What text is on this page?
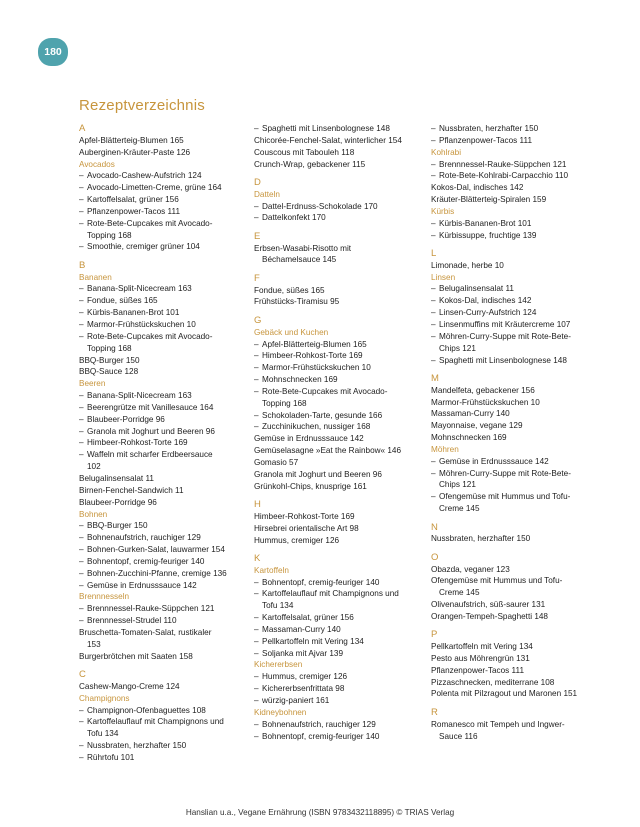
180
Rezeptverzeichnis
A
Apfel-Blätterteig-Blumen 165
Auberginen-Kräuter-Paste 126
Avocados
– Avocado-Cashew-Aufstrich 124
– Avocado-Limetten-Creme, grüne 164
– Kartoffelsalat, grüner 156
– Pflanzenpower-Tacos 111
– Rote-Bete-Cupcakes mit Avocado-
Topping 168
– Smoothie, cremiger grüner 104
B
Bananen
– Banana-Split-Nicecream 163
– Fondue, süßes 165
– Kürbis-Bananen-Brot 101
– Marmor-Frühstückskuchen 10
– Rote-Bete-Cupcakes mit Avocado-
Topping 168
BBQ-Burger 150
BBQ-Sauce 128
Beeren
– Banana-Split-Nicecream 163
– Beerengrütze mit Vanillesauce 164
– Blaubeer-Porridge 96
– Granola mit Joghurt und Beeren 96
– Himbeer-Rohkost-Torte 169
– Waffeln mit scharfer Erdbeersauce
102
Belugalinsensalat 11
Birnen-Fenchel-Sandwich 11
Blaubeer-Porridge 96
Bohnen
– BBQ-Burger 150
– Bohnenaufstrich, rauchiger 129
– Bohnen-Gurken-Salat, lauwarmer 154
– Bohnentopf, cremig-feuriger 140
– Bohnen-Zucchini-Pfanne, cremige 136
– Gemüse in Erdnusssauce 142
Brennnesseln
– Brennnessel-Rauke-Süppchen 121
– Brennnessel-Strudel 110
Bruschetta-Tomaten-Salat, rustikaler
153
Burgerbrötchen mit Saaten 158
C
Cashew-Mango-Creme 124
Champignons
– Champignon-Ofenbaguettes 108
– Kartoffelauflauf mit Champignons und
Tofu 134
– Nussbraten, herzhafter 150
– Rührtofu 101
– Spaghetti mit Linsenbolognese 148
Chicorée-Fenchel-Salat, winterlicher 154
Couscous mit Tabouleh 118
Crunch-Wrap, gebackener 115
D
Datteln
– Dattel-Erdnuss-Schokolade 170
– Dattelkonfekt 170
E
Erbsen-Wasabi-Risotto mit
Béchamelsauce 145
F
Fondue, süßes 165
Frühstücks-Tiramisu 95
G
Gebäck und Kuchen
– Apfel-Blätterteig-Blumen 165
– Himbeer-Rohkost-Torte 169
– Marmor-Frühstückskuchen 10
– Mohnschnecken 169
– Rote-Bete-Cupcakes mit Avocado-
Topping 168
– Schokoladen-Tarte, gesunde 166
– Zucchinikuchen, nussiger 168
Gemüse in Erdnusssauce 142
Gemüselasagne »Eat the Rainbow« 146
Gomasio 57
Granola mit Joghurt und Beeren 96
Grünkohl-Chips, knusprige 161
H
Himbeer-Rohkost-Torte 169
Hirsebrei orientalische Art 98
Hummus, cremiger 126
K
Kartoffeln
– Bohnentopf, cremig-feuriger 140
– Kartoffelauflauf mit Champignons und
Tofu 134
– Kartoffelsalat, grüner 156
– Massaman-Curry 140
– Pellkartoffeln mit Vering 134
– Soljanka mit Ajvar 139
Kichererbsen
– Hummus, cremiger 126
– Kichererbsenfrittata 98
– würzig-paniert 161
Kidneybohnen
– Bohnenaufstrich, rauchiger 129
– Bohnentopf, cremig-feuriger 140
– Nussbraten, herzhafter 150
– Pflanzenpower-Tacos 111
Kohlrabi
– Brennnessel-Rauke-Süppchen 121
– Rote-Bete-Kohlrabi-Carpacchio 110
Kokos-Dal, indisches 142
Kräuter-Blätterteig-Spiralen 159
Kürbis
– Kürbis-Bananen-Brot 101
– Kürbissuppe, fruchtige 139
L
Limonade, herbe 10
Linsen
– Belugalinsensalat 11
– Kokos-Dal, indisches 142
– Linsen-Curry-Aufstrich 124
– Linsenmuffins mit Kräutercreme 107
– Möhren-Curry-Suppe mit Rote-Bete-
Chips 121
– Spaghetti mit Linsenbolognese 148
M
Mandelfeta, gebackener 156
Marmor-Frühstückskuchen 10
Massaman-Curry 140
Mayonnaise, vegane 129
Mohnschnecken 169
Möhren
– Gemüse in Erdnusssauce 142
– Möhren-Curry-Suppe mit Rote-Bete-
Chips 121
– Ofengemüse mit Hummus und Tofu-
Creme 145
N
Nussbraten, herzhafter 150
O
Obazda, veganer 123
Ofengemüse mit Hummus und Tofu-
Creme 145
Olivenaufstrich, süß-saurer 131
Orangen-Tempeh-Spaghetti 148
P
Pellkartoffeln mit Vering 134
Pesto aus Möhrengrün 131
Pflanzenpower-Tacos 111
Pizzaschnecken, mediterrane 108
Polenta mit Pilzragout und Maronen 151
R
Romanesco mit Tempeh und Ingwer-
Sauce 116
Hanslian u.a., Vegane Ernährung (ISBN 9783432118895) © TRIAS Verlag
